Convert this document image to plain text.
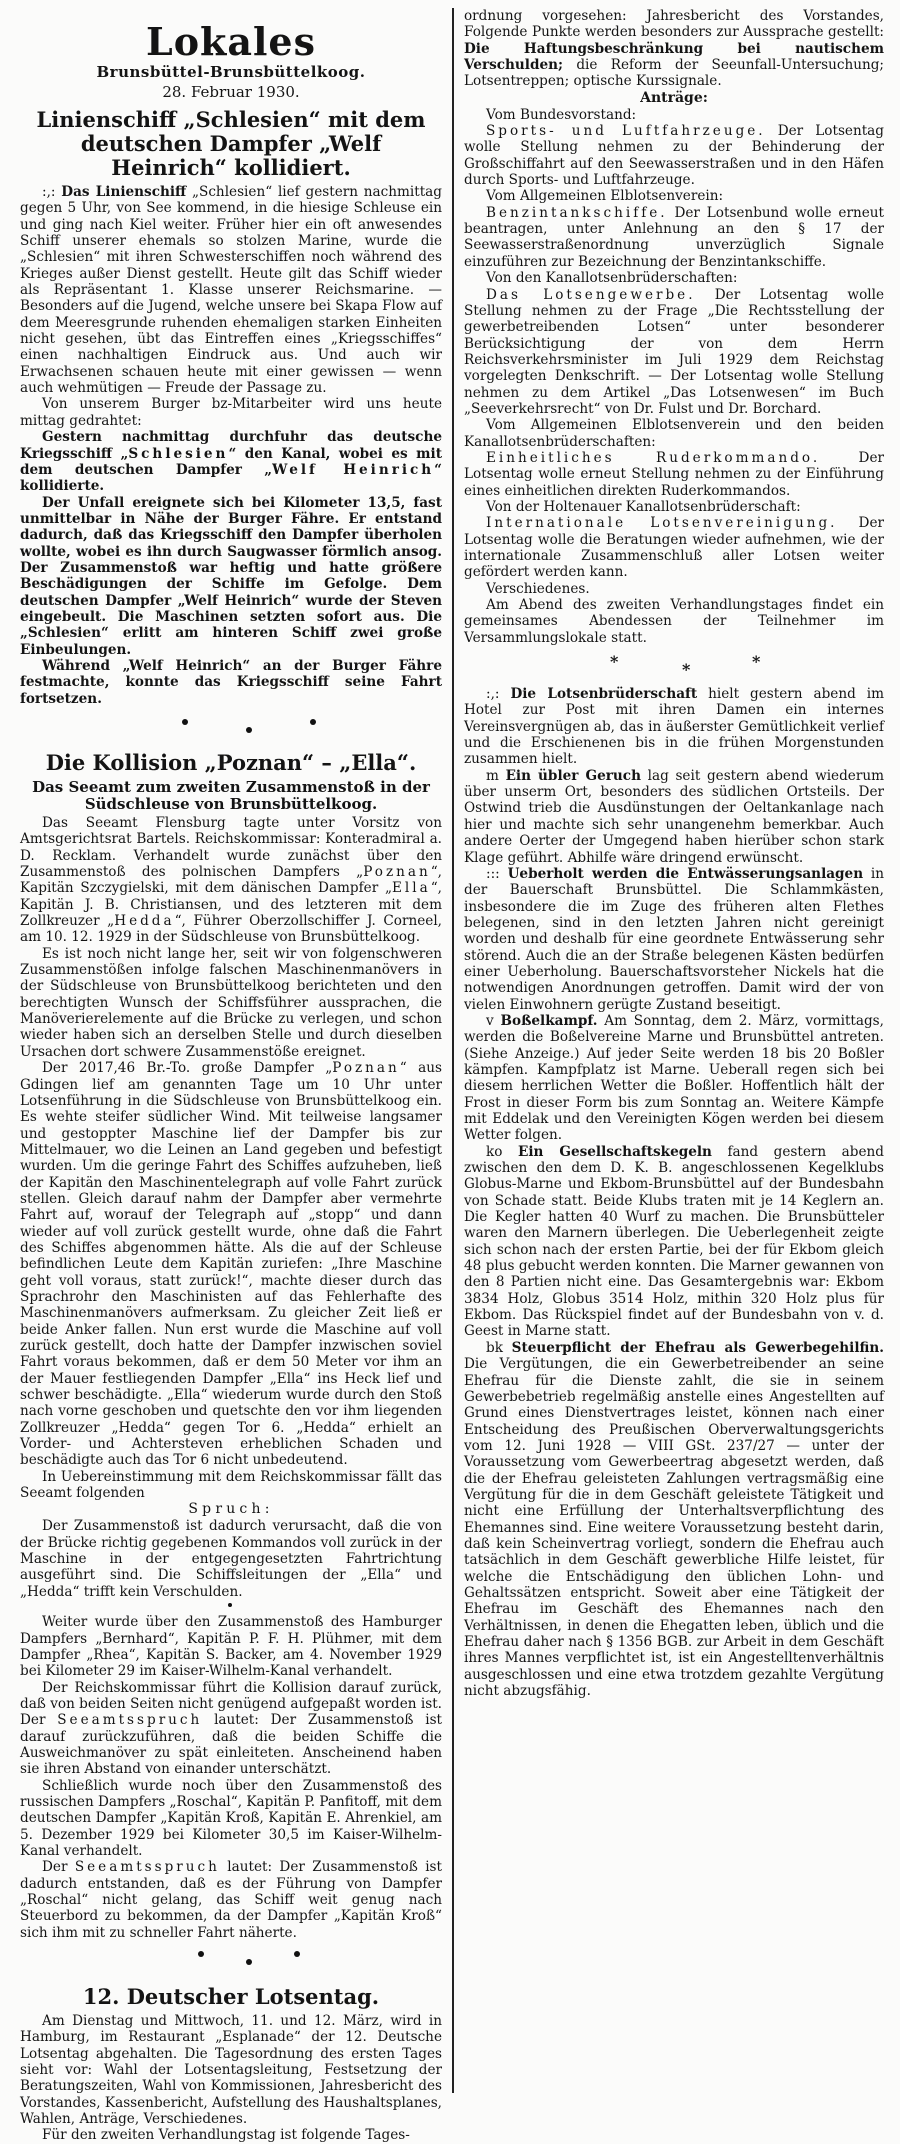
Lokales
Brunsbüttel-Brunsbüttelkoog.
28. Februar 1930.
Linienschiff „Schlesien“ mit dem deutschen Dampfer „Welf Heinrich“ kollidiert.

:,: Das Linienschiff „Schlesien“ lief gestern nachmittag gegen 5 Uhr, von See kommend, in die hiesige Schleuse ein und ging nach Kiel weiter. Früher hier ein oft anwesendes Schiff unserer ehemals so stolzen Marine, wurde die „Schlesien“ mit ihren Schwesterschiffen noch während des Krieges außer Dienst gestellt. Heute gilt das Schiff wieder als Repräsentant 1. Klasse unserer Reichsmarine. — Besonders auf die Jugend, welche unsere bei Skapa Flow auf dem Meeresgrunde ruhenden ehemaligen starken Einheiten nicht gesehen, übt das Eintreffen eines „Kriegsschiffes“ einen nachhaltigen Eindruck aus. Und auch wir Erwachsenen schauen heute mit einer gewissen — wenn auch wehmütigen — Freude der Passage zu.

Von unserem Burger bz-Mitarbeiter wird uns heute mittag gedrahtet:

Gestern nachmittag durchfuhr das deutsche Kriegsschiff „Schlesien“ den Kanal, wobei es mit dem deutschen Dampfer „Welf Heinrich“ kollidierte.

Der Unfall ereignete sich bei Kilometer 13,5, fast unmittelbar in Nähe der Burger Fähre. Er entstand dadurch, daß das Kriegsschiff den Dampfer überholen wollte, wobei es ihn durch Saugwasser förmlich ansog. Der Zusammenstoß war heftig und hatte größere Beschädigungen der Schiffe im Gefolge. Dem deutschen Dampfer „Welf Heinrich“ wurde der Steven eingebeult. Die Maschinen setzten sofort aus. Die „Schlesien“ erlitt am hinteren Schiff zwei große Einbeulungen.

Während „Welf Heinrich“ an der Burger Fähre festmachte, konnte das Kriegsschiff seine Fahrt fortsetzen.

Die Kollision „Poznan“ – „Ella“.
Das Seeamt zum zweiten Zusammenstoß in der Südschleuse von Brunsbüttelkoog.

Das Seeamt Flensburg tagte unter Vorsitz von Amtsgerichtsrat Bartels. Reichskommissar: Konteradmiral a. D. Recklam. Verhandelt wurde zunächst über den Zusammenstoß des polnischen Dampfers „Poznan“, Kapitän Szczygielski, mit dem dänischen Dampfer „Ella“, Kapitän J. B. Christiansen, und des letzteren mit dem Zollkreuzer „Hedda“, Führer Oberzollschiffer J. Corneel, am 10. 12. 1929 in der Südschleuse von Brunsbüttelkoog.

Es ist noch nicht lange her, seit wir von folgenschweren Zusammenstößen infolge falschen Maschinenmanövers in der Südschleuse von Brunsbüttelkoog berichteten und den berechtigten Wunsch der Schiffsführer aussprachen, die Manöverierelemente auf die Brücke zu verlegen, und schon wieder haben sich an derselben Stelle und durch dieselben Ursachen dort schwere Zusammenstöße ereignet.

Der 2017,46 Br.-To. große Dampfer „Poznan“ aus Gdingen lief am genannten Tage um 10 Uhr unter Lotsenführung in die Südschleuse von Brunsbüttelkoog ein. Es wehte steifer südlicher Wind. Mit teilweise langsamer und gestoppter Maschine lief der Dampfer bis zur Mittelmauer, wo die Leinen an Land gegeben und befestigt wurden. Um die geringe Fahrt des Schiffes aufzuheben, ließ der Kapitän den Maschinentelegraph auf volle Fahrt zurück stellen. Gleich darauf nahm der Dampfer aber vermehrte Fahrt auf, worauf der Telegraph auf „stopp“ und dann wieder auf voll zurück gestellt wurde, ohne daß die Fahrt des Schiffes abgenommen hätte. Als die auf der Schleuse befindlichen Leute dem Kapitän zuriefen: „Ihre Maschine geht voll voraus, statt zurück!“, machte dieser durch das Sprachrohr den Maschinisten auf das Fehlerhafte des Maschinenmanövers aufmerksam. Zu gleicher Zeit ließ er beide Anker fallen. Nun erst wurde die Maschine auf voll zurück gestellt, doch hatte der Dampfer inzwischen soviel Fahrt voraus bekommen, daß er dem 50 Meter vor ihm an der Mauer festliegenden Dampfer „Ella“ ins Heck lief und schwer beschädigte. „Ella“ wiederum wurde durch den Stoß nach vorne geschoben und quetschte den vor ihm liegenden Zollkreuzer „Hedda“ gegen Tor 6. „Hedda“ erhielt an Vorder- und Achtersteven erheblichen Schaden und beschädigte auch das Tor 6 nicht unbedeutend.

In Uebereinstimmung mit dem Reichskommissar fällt das Seeamt folgenden

Spruch:

Der Zusammenstoß ist dadurch verursacht, daß die von der Brücke richtig gegebenen Kommandos voll zurück in der Maschine in der entgegengesetzten Fahrtrichtung ausgeführt sind. Die Schiffsleitungen der „Ella“ und „Hedda“ trifft kein Verschulden.

Weiter wurde über den Zusammenstoß des Hamburger Dampfers „Bernhard“, Kapitän P. F. H. Plühmer, mit dem Dampfer „Rhea“, Kapitän S. Backer, am 4. November 1929 bei Kilometer 29 im Kaiser-Wilhelm-Kanal verhandelt.

Der Reichskommissar führt die Kollision darauf zurück, daß von beiden Seiten nicht genügend aufgepaßt worden ist. Der Seeamtsspruch lautet: Der Zusammenstoß ist darauf zurückzuführen, daß die beiden Schiffe die Ausweichmanöver zu spät einleiteten. Anscheinend haben sie ihren Abstand von einander unterschätzt.

Schließlich wurde noch über den Zusammenstoß des russischen Dampfers „Roschal“, Kapitän P. Panfitoff, mit dem deutschen Dampfer „Kapitän Kroß, Kapitän E. Ahrenkiel, am 5. Dezember 1929 bei Kilometer 30,5 im Kaiser-Wilhelm-Kanal verhandelt.

Der Seeamtsspruch lautet: Der Zusammenstoß ist dadurch entstanden, daß es der Führung von Dampfer „Roschal“ nicht gelang, das Schiff weit genug nach Steuerbord zu bekommen, da der Dampfer „Kapitän Kroß“ sich ihm mit zu schneller Fahrt näherte.

12. Deutscher Lotsentag.

Am Dienstag und Mittwoch, 11. und 12. März, wird in Hamburg, im Restaurant „Esplanade“ der 12. Deutsche Lotsentag abgehalten. Die Tagesordnung des ersten Tages sieht vor: Wahl der Lotsentagsleitung, Festsetzung der Beratungszeiten, Wahl von Kommissionen, Jahresbericht des Vorstandes, Kassenbericht, Aufstellung des Haushaltsplanes, Wahlen, Anträge, Verschiedenes.

Für den zweiten Verhandlungstag ist folgende Tages-

ordnung vorgesehen: Jahresbericht des Vorstandes, Folgende Punkte werden besonders zur Aussprache gestellt: Die Haftungsbeschränkung bei nautischem Verschulden; die Reform der Seeunfall-Untersuchung; Lotsentreppen; optische Kurssignale.

Anträge:

Vom Bundesvorstand:

Sports- und Luftfahrzeuge. Der Lotsentag wolle Stellung nehmen zu der Behinderung der Großschiffahrt auf den Seewasserstraßen und in den Häfen durch Sports- und Luftfahrzeuge.

Vom Allgemeinen Elblotsenverein:

Benzintankschiffe. Der Lotsenbund wolle erneut beantragen, unter Anlehnung an den § 17 der Seewasserstraßenordnung unverzüglich Signale einzuführen zur Bezeichnung der Benzintankschiffe.

Von den Kanallotsenbrüderschaften:

Das Lotsengewerbe. Der Lotsentag wolle Stellung nehmen zu der Frage „Die Rechtsstellung der gewerbetreibenden Lotsen“ unter besonderer Berücksichtigung der von dem Herrn Reichsverkehrsminister im Juli 1929 dem Reichstag vorgelegten Denkschrift. — Der Lotsentag wolle Stellung nehmen zu dem Artikel „Das Lotsenwesen“ im Buch „Seeverkehrsrecht“ von Dr. Fulst und Dr. Borchard.

Vom Allgemeinen Elblotsenverein und den beiden Kanallotsenbrüderschaften:

Einheitliches Ruderkommando. Der Lotsentag wolle erneut Stellung nehmen zu der Einführung eines einheitlichen direkten Ruderkommandos.

Von der Holtenauer Kanallotsenbrüderschaft:

Internationale Lotsenvereinigung. Der Lotsentag wolle die Beratungen wieder aufnehmen, wie der internationale Zusammenschluß aller Lotsen weiter gefördert werden kann.

Verschiedenes.

Am Abend des zweiten Verhandlungstages findet ein gemeinsames Abendessen der Teilnehmer im Versammlungslokale statt.

*	*	*

:,: Die Lotsenbrüderschaft hielt gestern abend im Hotel zur Post mit ihren Damen ein internes Vereinsvergnügen ab, das in äußerster Gemütlichkeit verlief und die Erschienenen bis in die frühen Morgenstunden zusammen hielt.

m Ein übler Geruch lag seit gestern abend wiederum über unserm Ort, besonders des südlichen Ortsteils. Der Ostwind trieb die Ausdünstungen der Oeltankanlage nach hier und machte sich sehr unangenehm bemerkbar. Auch andere Oerter der Umgegend haben hierüber schon stark Klage geführt. Abhilfe wäre dringend erwünscht.

::: Ueberholt werden die Entwässerungsanlagen in der Bauerschaft Brunsbüttel. Die Schlammkästen, insbesondere die im Zuge des früheren alten Flethes belegenen, sind in den letzten Jahren nicht gereinigt worden und deshalb für eine geordnete Entwässerung sehr störend. Auch die an der Straße belegenen Kästen bedürfen einer Ueberholung. Bauerschaftsvorsteher Nickels hat die notwendigen Anordnungen getroffen. Damit wird der von vielen Einwohnern gerügte Zustand beseitigt.

v Boßelkampf. Am Sonntag, dem 2. März, vormittags, werden die Boßelvereine Marne und Brunsbüttel antreten. (Siehe Anzeige.) Auf jeder Seite werden 18 bis 20 Boßler kämpfen. Kampfplatz ist Marne. Ueberall regen sich bei diesem herrlichen Wetter die Boßler. Hoffentlich hält der Frost in dieser Form bis zum Sonntag an. Weitere Kämpfe mit Eddelak und den Vereinigten Kögen werden bei diesem Wetter folgen.

ko Ein Gesellschaftskegeln fand gestern abend zwischen den dem D. K. B. angeschlossenen Kegelklubs Globus-Marne und Ekbom-Brunsbüttel auf der Bundesbahn von Schade statt. Beide Klubs traten mit je 14 Keglern an. Die Kegler hatten 40 Wurf zu machen. Die Brunsbütteler waren den Marnern überlegen. Die Ueberlegenheit zeigte sich schon nach der ersten Partie, bei der für Ekbom gleich 48 plus gebucht werden konnten. Die Marner gewannen von den 8 Partien nicht eine. Das Gesamtergebnis war: Ekbom 3834 Holz, Globus 3514 Holz, mithin 320 Holz plus für Ekbom. Das Rückspiel findet auf der Bundesbahn von v. d. Geest in Marne statt.

bk Steuerpflicht der Ehefrau als Gewerbegehilfin. Die Vergütungen, die ein Gewerbetreibender an seine Ehefrau für die Dienste zahlt, die sie in seinem Gewerbebetrieb regelmäßig anstelle eines Angestellten auf Grund eines Dienstvertrages leistet, können nach einer Entscheidung des Preußischen Oberverwaltungsgerichts vom 12. Juni 1928 — VIII GSt. 237/27 — unter der Voraussetzung vom Gewerbeertrag abgesetzt werden, daß die der Ehefrau geleisteten Zahlungen vertragsmäßig eine Vergütung für die in dem Geschäft geleistete Tätigkeit und nicht eine Erfüllung der Unterhaltsverpflichtung des Ehemannes sind. Eine weitere Voraussetzung besteht darin, daß kein Scheinvertrag vorliegt, sondern die Ehefrau auch tatsächlich in dem Geschäft gewerbliche Hilfe leistet, für welche die Entschädigung den üblichen Lohn- und Gehaltssätzen entspricht. Soweit aber eine Tätigkeit der Ehefrau im Geschäft des Ehemannes nach den Verhältnissen, in denen die Ehegatten leben, üblich und die Ehefrau daher nach § 1356 BGB. zur Arbeit in dem Geschäft ihres Mannes verpflichtet ist, ist ein Angestelltenverhältnis ausgeschlossen und eine etwa trotzdem gezahlte Vergütung nicht abzugsfähig.
